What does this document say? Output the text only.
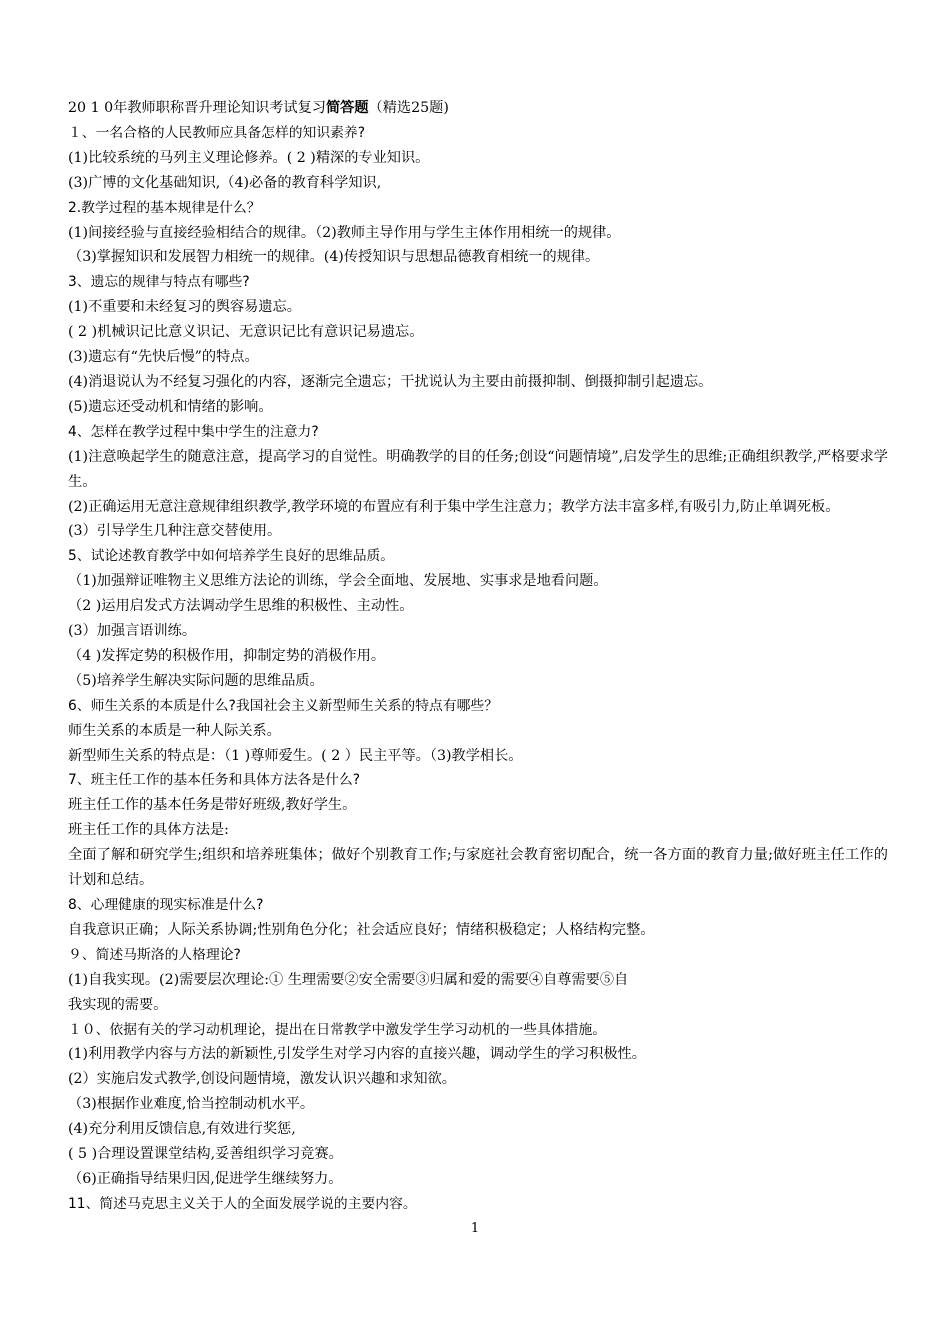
20 1 0年教师职称晋升理论知识考试复习简答题（精选25题)
１、一名合格的人民教师应具备怎样的知识素养?
(1)比较系统的马列主义理论修养。( 2 )精深的专业知识。
(3)广博的文化基础知识,（4)必备的教育科学知识,
2.教学过程的基本规律是什么？
(1)间接经验与直接经验相结合的规律。（2)教师主导作用与学生主体作用相统一的规律。
（3)掌握知识和发展智力相统一的规律。(4)传授知识与思想品德教育相统一的规律。
3、遗忘的规律与特点有哪些?
(1)不重要和未经复习的舆容易遗忘。
( 2 )机械识记比意义识记、无意识记比有意识记易遗忘。
(3)遗忘有“先快后慢”的特点。
(4)消退说认为不经复习强化的内容，逐渐完全遗忘；干扰说认为主要由前摄抑制、倒摄抑制引起遗忘。
(5)遗忘还受动机和情绪的影响。
4、怎样在教学过程中集中学生的注意力?
(1)注意唤起学生的随意注意，提高学习的自觉性。明确教学的目的任务;创设“问题情境”,启发学生的思维;正确组织教学,严格要求学生。
(2)正确运用无意注意规律组织教学,教学环境的布置应有利于集中学生注意力；教学方法丰富多样,有吸引力,防止单调死板。
(3）引导学生几种注意交替使用。
5、试论述教育教学中如何培养学生良好的思维品质。
（1)加强辩证唯物主义思维方法论的训练，学会全面地、发展地、实事求是地看问题。
（2 )运用启发式方法调动学生思维的积极性、主动性。
(3）加强言语训练。
（4 )发挥定势的积极作用，抑制定势的消极作用。
（5)培养学生解决实际问题的思维品质。
6、师生关系的本质是什么?我国社会主义新型师生关系的特点有哪些？
师生关系的本质是一种人际关系。
新型师生关系的特点是：（1 )尊师爱生。( 2 ）民主平等。（3)教学相长。
7、班主任工作的基本任务和具体方法各是什么?
班主任工作的基本任务是带好班级,教好学生。
班主任工作的具体方法是:
全面了解和研究学生;组织和培养班集体；做好个别教育工作;与家庭社会教育密切配合，统一各方面的教育力量;做好班主任工作的计划和总结。
8、心理健康的现实标准是什么?
自我意识正确；人际关系协调;性别角色分化；社会适应良好；情绪积极稳定；人格结构完整。
９、简述马斯洛的人格理论?
(1)自我实现。(2)需要层次理论:① 生理需要②安全需要③归属和爱的需要④自尊需要⑤自
我实现的需要。
１０、依据有关的学习动机理论，提出在日常教学中激发学生学习动机的一些具体措施。
(1)利用教学内容与方法的新颖性,引发学生对学习内容的直接兴趣，调动学生的学习积极性。
(2）实施启发式教学,创设问题情境，激发认识兴趣和求知欲。
（3)根据作业难度,恰当控制动机水平。
(4)充分利用反馈信息,有效进行奖惩,
( 5 )合理设置课堂结构,妥善组织学习竞赛。
（6)正确指导结果归因,促进学生继续努力。
11、简述马克思主义关于人的全面发展学说的主要内容。
1
